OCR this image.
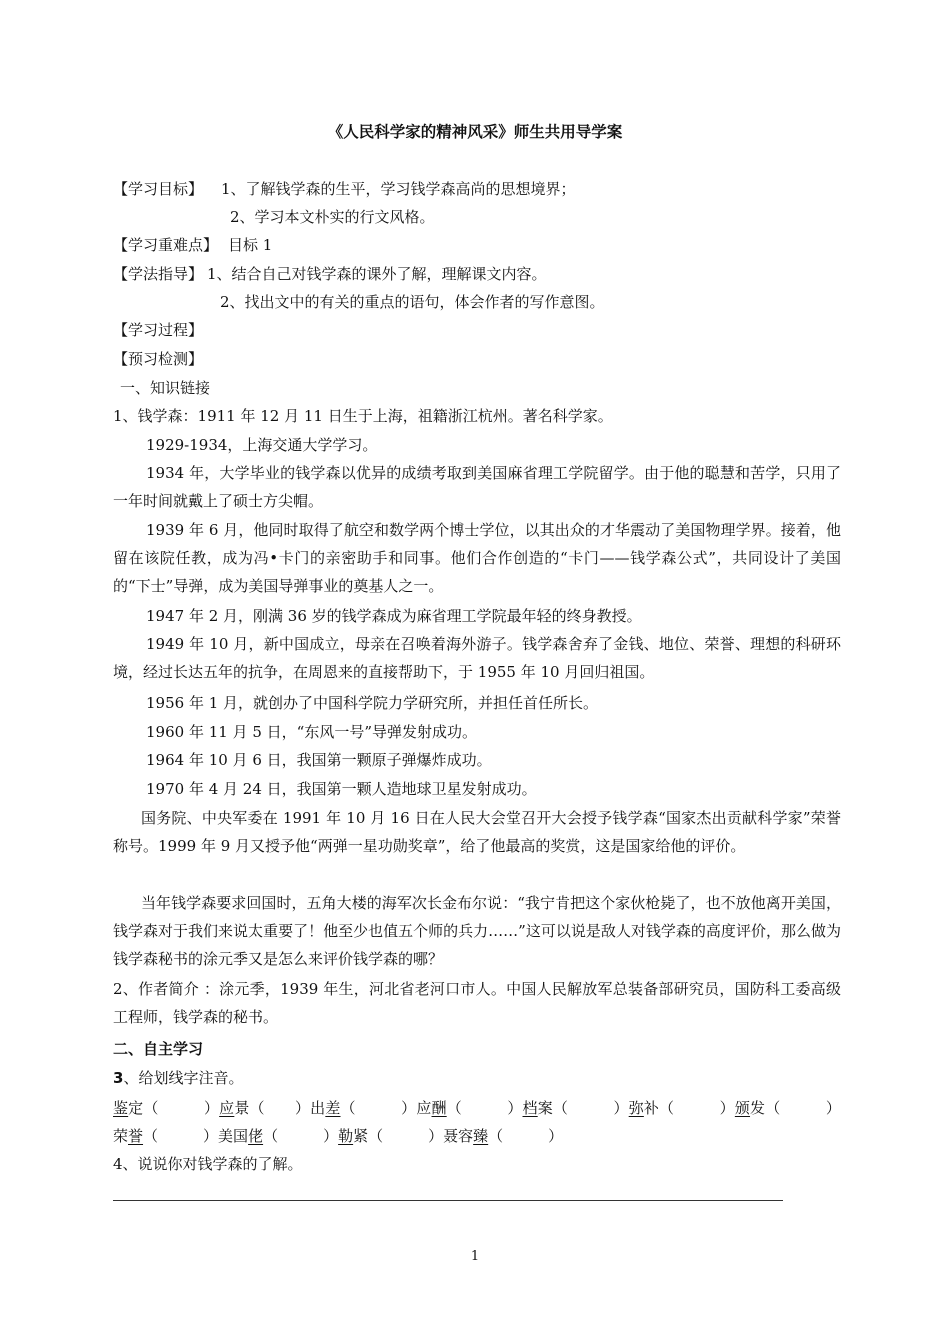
《人民科学家的精神风采》师生共用导学案
【学习目标】 1、了解钱学森的生平，学习钱学森高尚的思想境界；
2、学习本文朴实的行文风格。
【学习重难点】 目标 1
【学法指导】 1、结合自己对钱学森的课外了解，理解课文内容。
2、找出文中的有关的重点的语句，体会作者的写作意图。
【学习过程】
【预习检测】
一、知识链接
1、钱学森：1911 年 12 月 11 日生于上海，祖籍浙江杭州。著名科学家。
1929-1934，上海交通大学学习。
1934 年，大学毕业的钱学森以优异的成绩考取到美国麻省理工学院留学。由于他的聪慧和苦学，只用了一年时间就戴上了硕士方尖帽。
1939 年 6 月，他同时取得了航空和数学两个博士学位，以其出众的才华震动了美国物理学界。接着，他留在该院任教，成为冯•卡门的亲密助手和同事。他们合作创造的“卡门——钱学森公式”，共同设计了美国的“下士”导弹，成为美国导弹事业的奠基人之一。
1947 年 2 月，刚满 36 岁的钱学森成为麻省理工学院最年轻的终身教授。
1949 年 10 月，新中国成立，母亲在召唤着海外游子。钱学森舍弃了金钱、地位、荣誉、理想的科研环境，经过长达五年的抗争，在周恩来的直接帮助下，于 1955 年 10 月回归祖国。
1956 年 1 月，就创办了中国科学院力学研究所，并担任首任所长。
1960 年 11 月 5 日，“东风一号”导弹发射成功。
1964 年 10 月 6 日，我国第一颗原子弹爆炸成功。
1970 年 4 月 24 日，我国第一颗人造地球卫星发射成功。
国务院、中央军委在 1991 年 10 月 16 日在人民大会堂召开大会授予钱学森“国家杰出贡献科学家”荣誉称号。1999 年 9 月又授予他“两弹一星功勋奖章”，给了他最高的奖赏，这是国家给他的评价。
当年钱学森要求回国时，五角大楼的海军次长金布尔说：“我宁肯把这个家伙枪毙了，也不放他离开美国，钱学森对于我们来说太重要了！他至少也值五个师的兵力……”这可以说是敌人对钱学森的高度评价，那么做为钱学森秘书的涂元季又是怎么来评价钱学森的哪？
2、作者简介 ：涂元季，1939 年生，河北省老河口市人。中国人民解放军总装备部研究员，国防科工委高级工程师，钱学森的秘书。
二、自主学习
3、给划线字注音。
鉴定（　　　）应景（　　）出差（　　　）应酬（　　　）档案（　　　）弥补（　　　）颁发（　　　）荣誉（　　　）美国佬（　　　）勒紧（　　　）聂容臻（　　　）
4、说说你对钱学森的了解。
1
